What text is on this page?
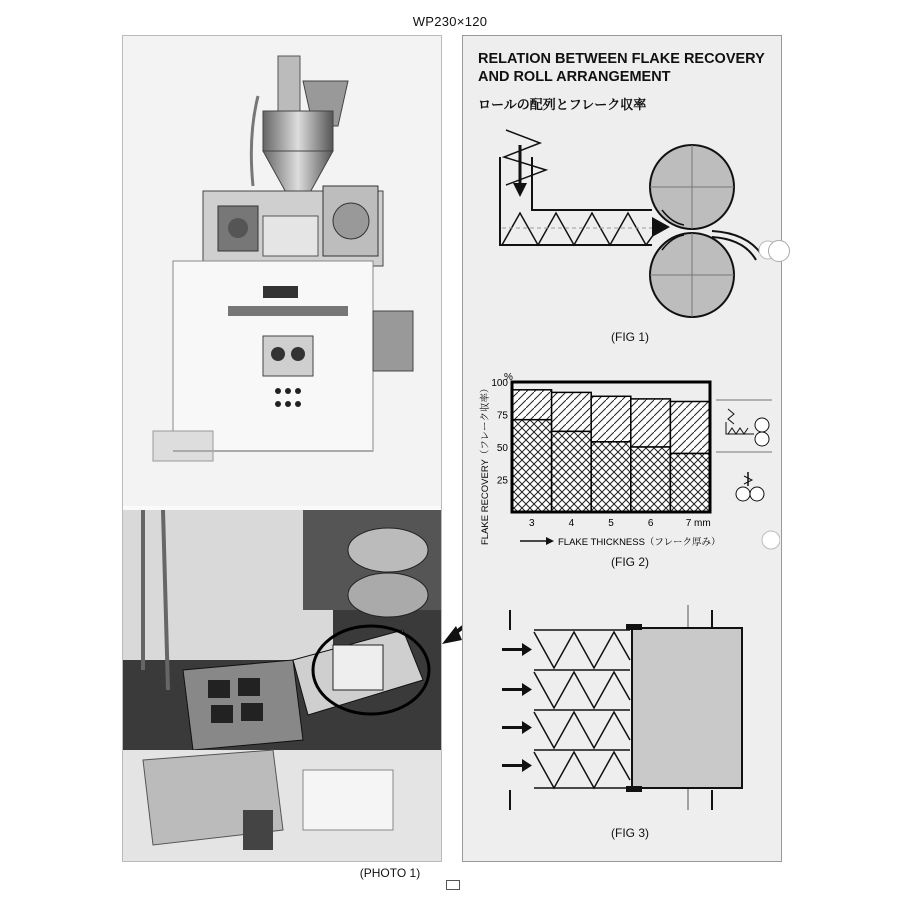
WP230×120
(PHOTO 1)
RELATION BETWEEN FLAKE RECOVERY
AND ROLL ARRANGEMENT
ロールの配列とフレーク収率
(FIG 1)
FLAKE RECOVERY（フレーク収率）
%
100
75
50
25
3	4	5	6	7 mm
FLAKE THICKNESS（フレーク厚み）
(FIG 2)
(FIG 3)
